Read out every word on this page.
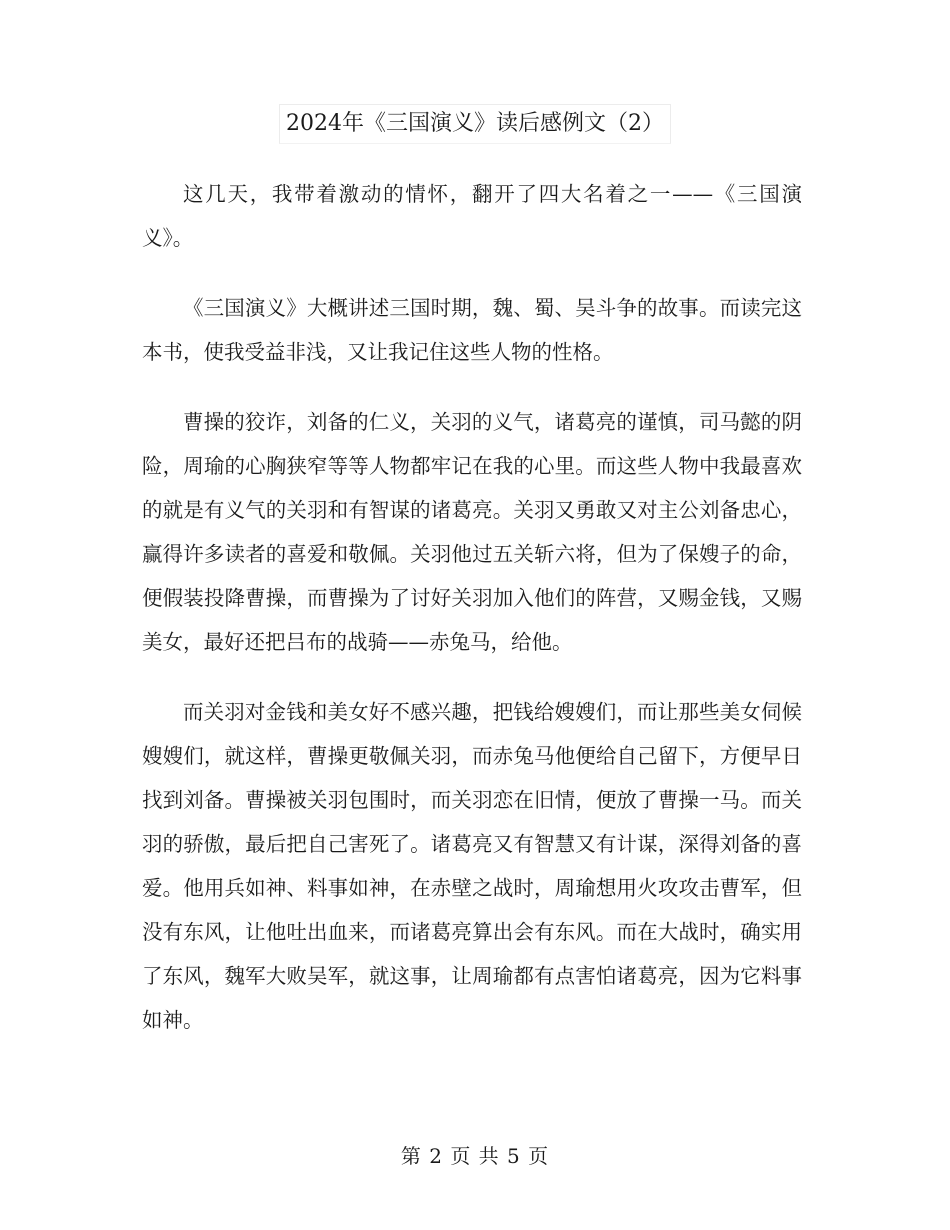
2024年《三国演义》读后感例文（2）

这几天，我带着激动的情怀，翻开了四大名着之一——《三国演义》。

《三国演义》大概讲述三国时期，魏、蜀、吴斗争的故事。而读完这本书，使我受益非浅，又让我记住这些人物的性格。

曹操的狡诈，刘备的仁义，关羽的义气，诸葛亮的谨慎，司马懿的阴险，周瑜的心胸狭窄等等人物都牢记在我的心里。而这些人物中我最喜欢的就是有义气的关羽和有智谋的诸葛亮。关羽又勇敢又对主公刘备忠心，赢得许多读者的喜爱和敬佩。关羽他过五关斩六将，但为了保嫂子的命，便假装投降曹操，而曹操为了讨好关羽加入他们的阵营，又赐金钱，又赐美女，最好还把吕布的战骑——赤兔马，给他。

而关羽对金钱和美女好不感兴趣，把钱给嫂嫂们，而让那些美女伺候嫂嫂们，就这样，曹操更敬佩关羽，而赤兔马他便给自己留下，方便早日找到刘备。曹操被关羽包围时，而关羽恋在旧情，便放了曹操一马。而关羽的骄傲，最后把自己害死了。诸葛亮又有智慧又有计谋，深得刘备的喜爱。他用兵如神、料事如神，在赤壁之战时，周瑜想用火攻攻击曹军，但没有东风，让他吐出血来，而诸葛亮算出会有东风。而在大战时，确实用了东风，魏军大败吴军，就这事，让周瑜都有点害怕诸葛亮，因为它料事如神。

第 2 页 共 5 页
